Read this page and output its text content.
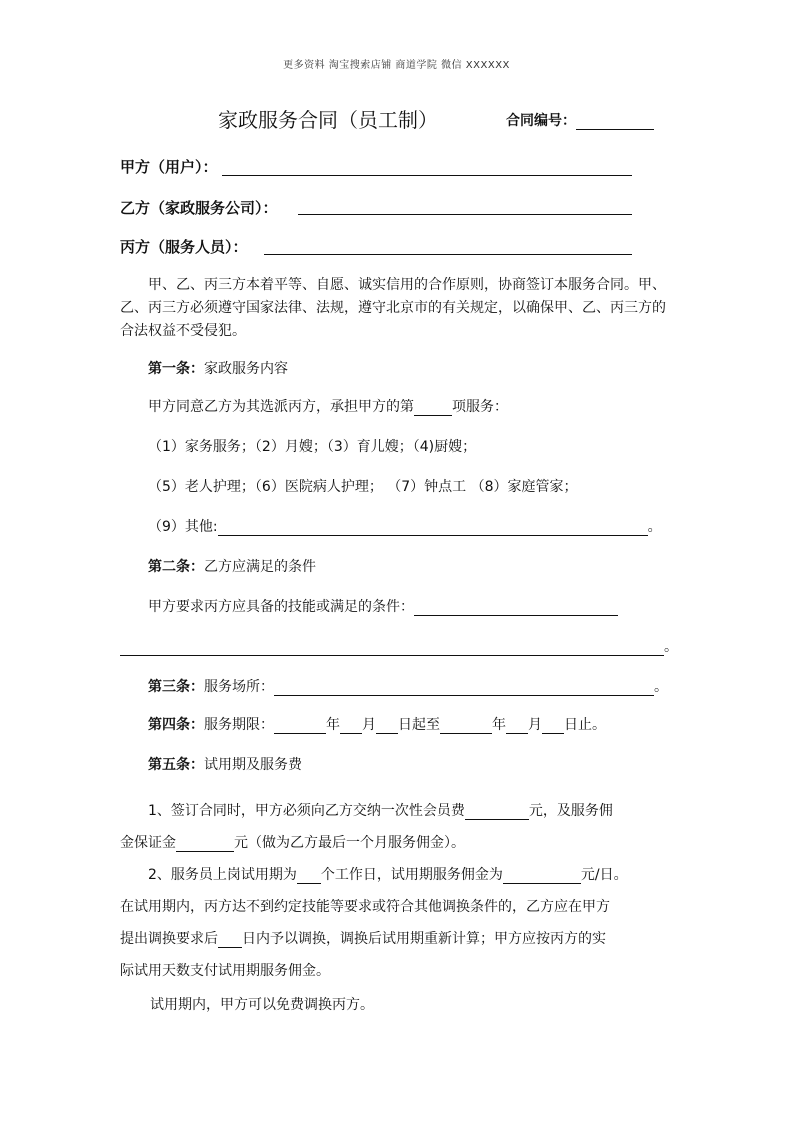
更多资料 淘宝搜索店铺 商道学院 微信 XXXXXX
家政服务合同（员工制）	合同编号：
甲方（用户）：
乙方（家政服务公司）：
丙方（服务人员）：
甲、乙、丙三方本着平等、自愿、诚实信用的合作原则，协商签订本服务合同。甲、乙、丙三方必须遵守国家法律、法规，遵守北京市的有关规定，以确保甲、乙、丙三方的合法权益不受侵犯。
第一条：家政服务内容
甲方同意乙方为其选派丙方，承担甲方的第	项服务：
（1）家务服务；（2）月嫂；（3）育儿嫂；（4)厨嫂；
（5）老人护理；（6）医院病人护理； （7）钟点工 （8）家庭管家；
（9）其他:	。
第二条：乙方应满足的条件
甲方要求丙方应具备的技能或满足的条件：
。
第三条：服务场所：	。
第四条：服务期限：	年 月 日起至	年 月 日止。
第五条：试用期及服务费
1、签订合同时，甲方必须向乙方交纳一次性会员费	元，及服务佣
金保证金	元（做为乙方最后一个月服务佣金）。
2、服务员上岗试用期为 个工作日，试用期服务佣金为	元/日。
在试用期内，丙方达不到约定技能等要求或符合其他调换条件的，乙方应在甲方
提出调换要求后 日内予以调换，调换后试用期重新计算；甲方应按丙方的实
际试用天数支付试用期服务佣金。
试用期内，甲方可以免费调换丙方。
